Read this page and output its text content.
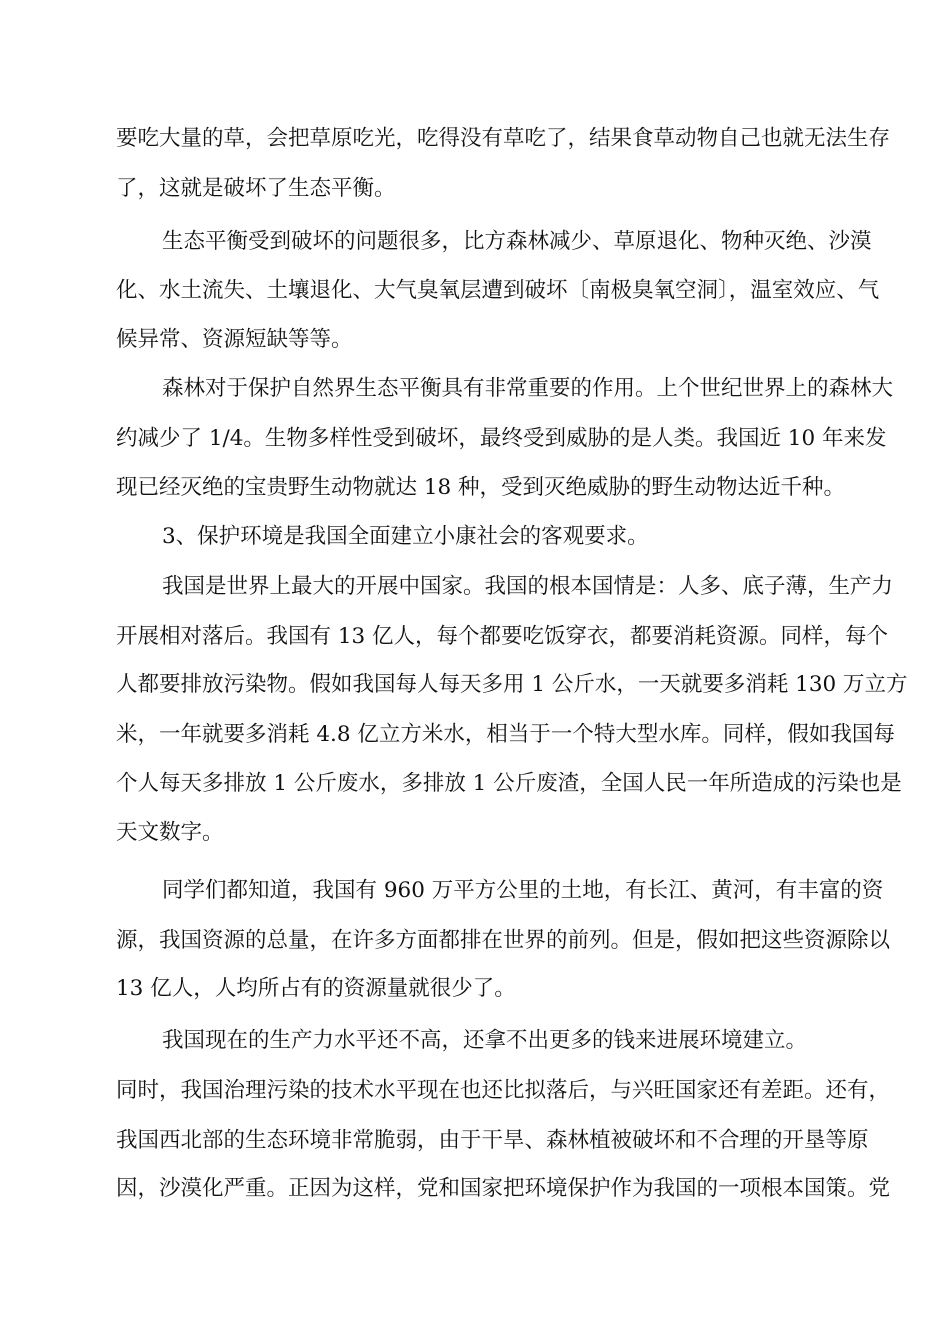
要吃大量的草，会把草原吃光，吃得没有草吃了，结果食草动物自己也就无法生存
了，这就是破坏了生态平衡。
生态平衡受到破坏的问题很多，比方森林减少、草原退化、物种灭绝、沙漠
化、水土流失、土壤退化、大气臭氧层遭到破坏〔南极臭氧空洞〕，温室效应、气
候异常、资源短缺等等。
森林对于保护自然界生态平衡具有非常重要的作用。上个世纪世界上的森林大
约减少了 1/4。生物多样性受到破坏，最终受到威胁的是人类。我国近 10 年来发
现已经灭绝的宝贵野生动物就达 18 种，受到灭绝威胁的野生动物达近千种。
3、保护环境是我国全面建立小康社会的客观要求。
我国是世界上最大的开展中国家。我国的根本国情是：人多、底子薄，生产力
开展相对落后。我国有 13 亿人，每个都要吃饭穿衣，都要消耗资源。同样，每个
人都要排放污染物。假如我国每人每天多用 1 公斤水，一天就要多消耗 130 万立方
米，一年就要多消耗 4.8 亿立方米水，相当于一个特大型水库。同样，假如我国每
个人每天多排放 1 公斤废水，多排放 1 公斤废渣，全国人民一年所造成的污染也是
天文数字。
同学们都知道，我国有 960 万平方公里的土地，有长江、黄河，有丰富的资
源，我国资源的总量，在许多方面都排在世界的前列。但是，假如把这些资源除以
13 亿人，人均所占有的资源量就很少了。
我国现在的生产力水平还不高，还拿不出更多的钱来进展环境建立。
同时，我国治理污染的技术水平现在也还比拟落后，与兴旺国家还有差距。还有，
我国西北部的生态环境非常脆弱，由于干旱、森林植被破坏和不合理的开垦等原
因，沙漠化严重。正因为这样，党和国家把环境保护作为我国的一项根本国策。党
